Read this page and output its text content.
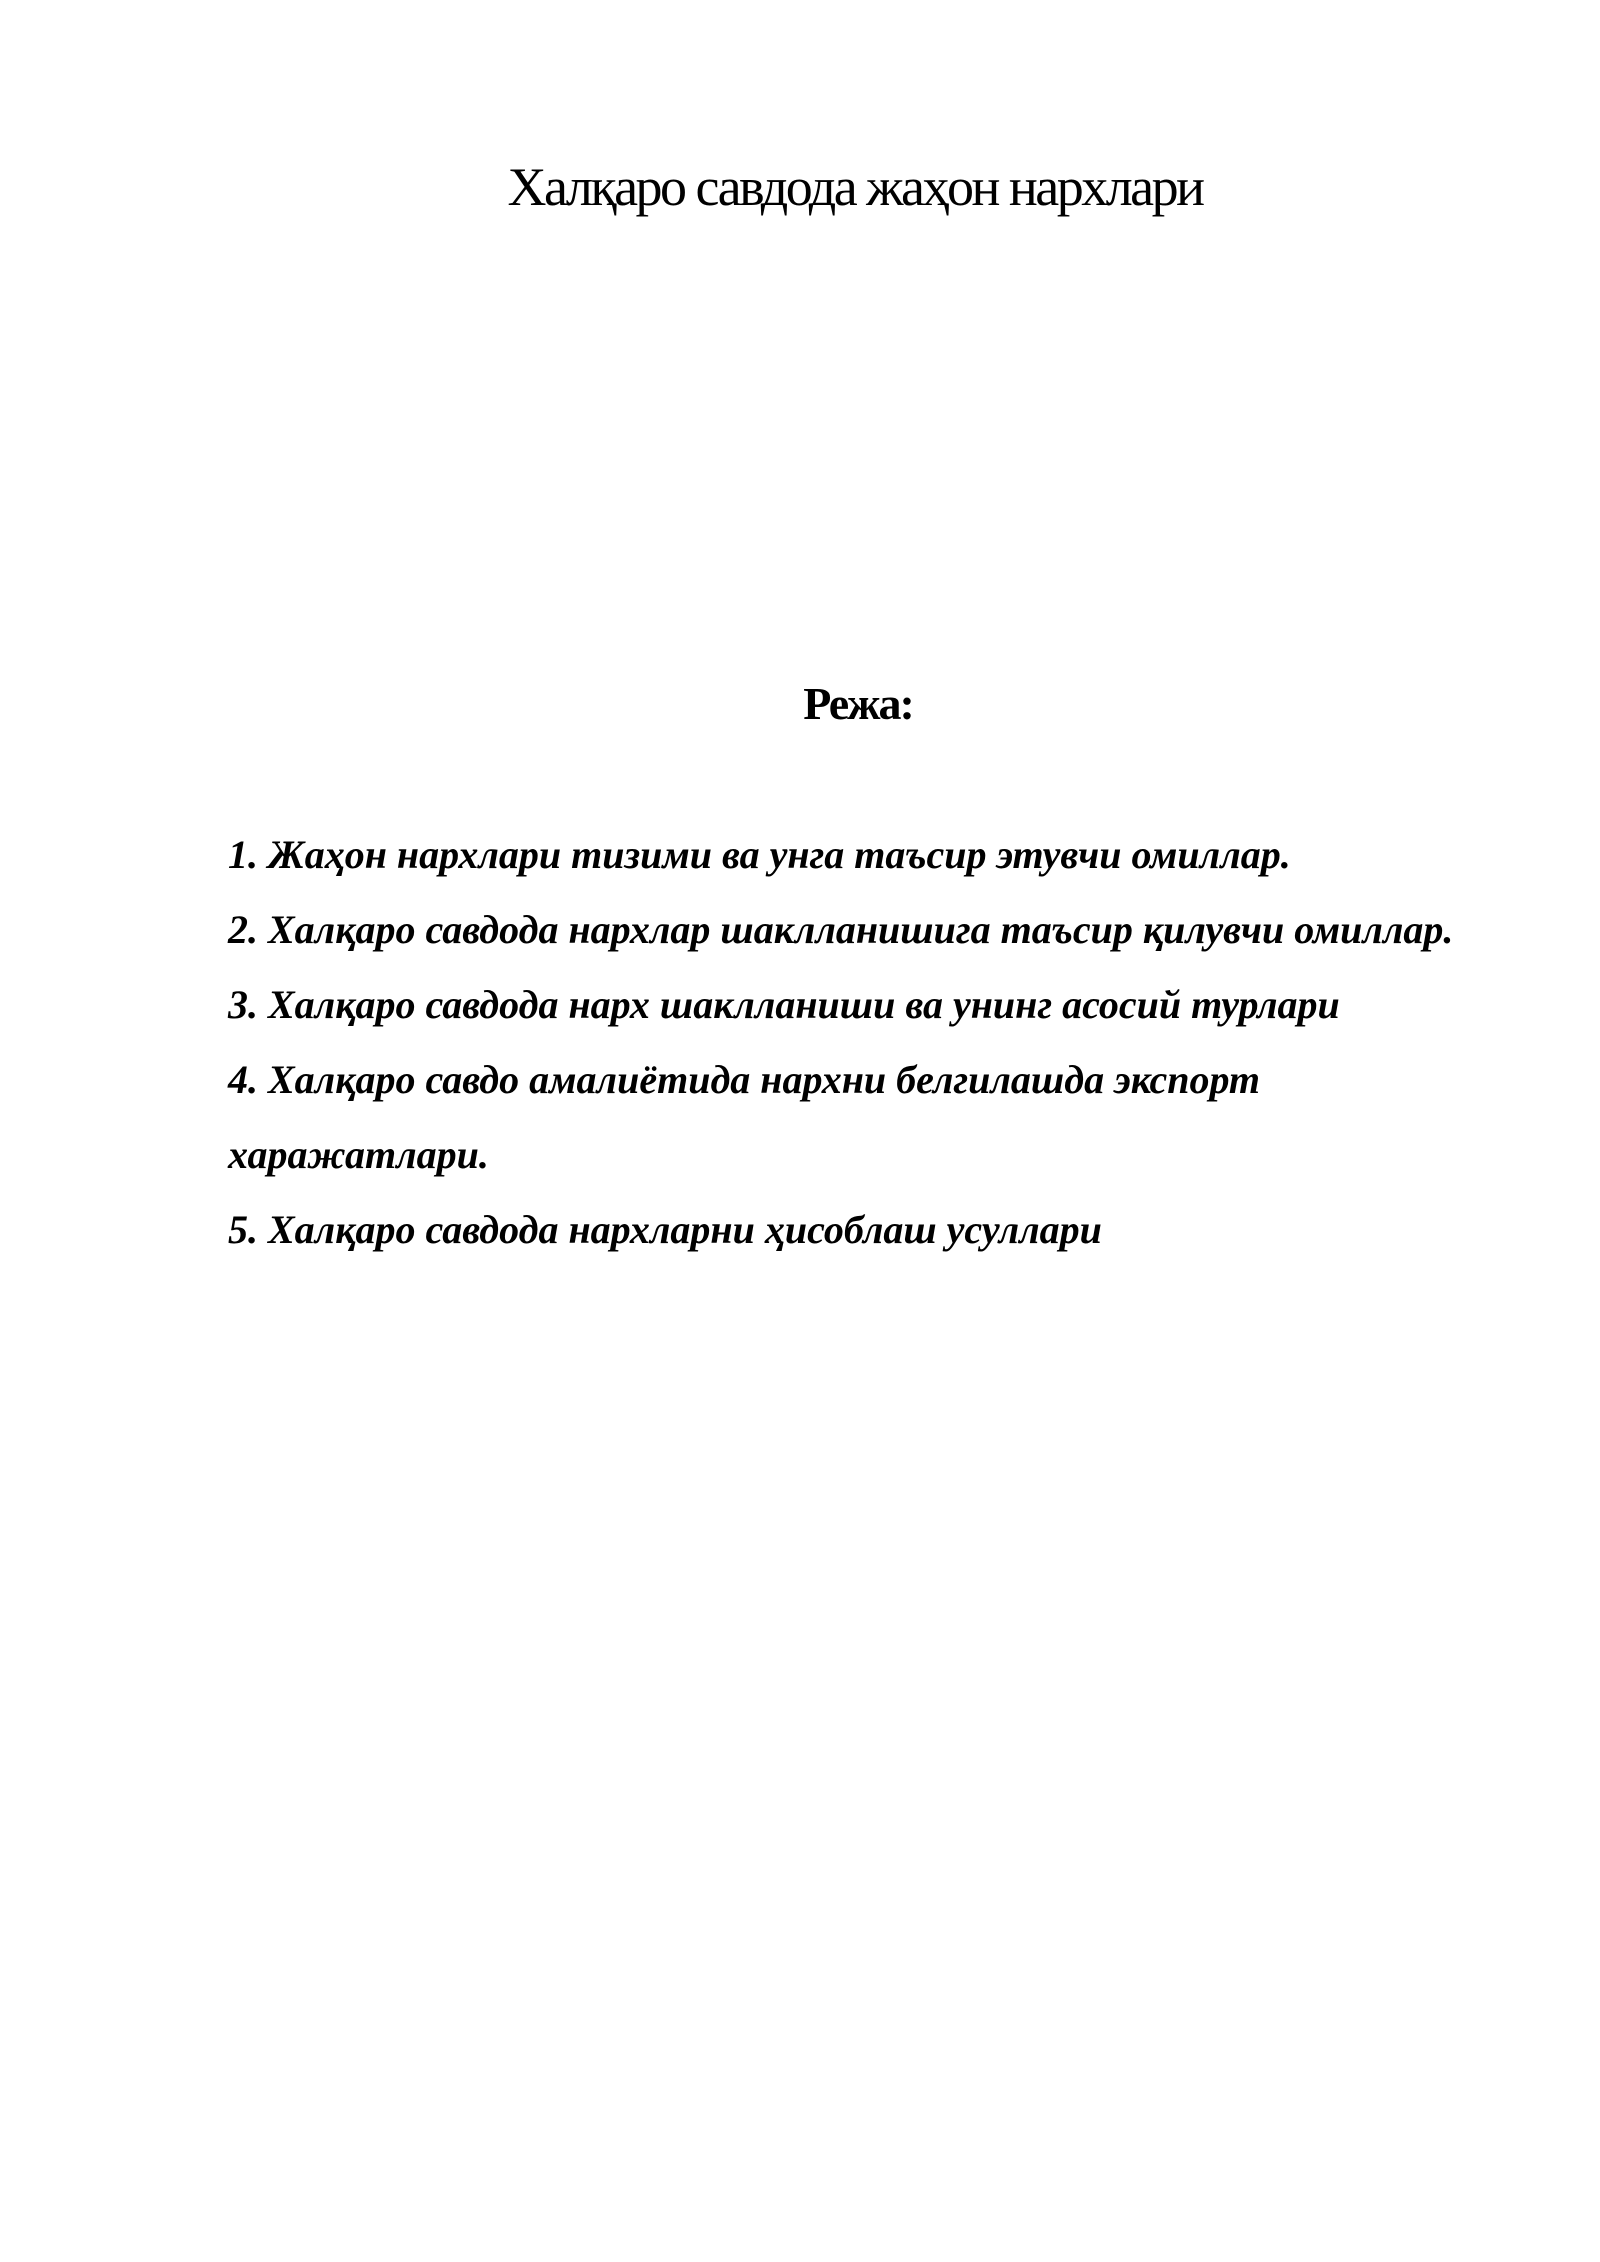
Халқаро савдода жаҳон нархлари
Режа:
1. Жаҳон нархлари тизими ва унга таъсир этувчи омиллар.
2. Халқаро савдода нархлар шаклланишига таъсир қилувчи омиллар.
3. Халқаро савдода нарх шаклланиши ва унинг асосий турлари
4. Халқаро савдо амалиётида нархни белгилашда экспорт харажатлари.
5. Халқаро савдода нархларни ҳисоблаш усуллари
